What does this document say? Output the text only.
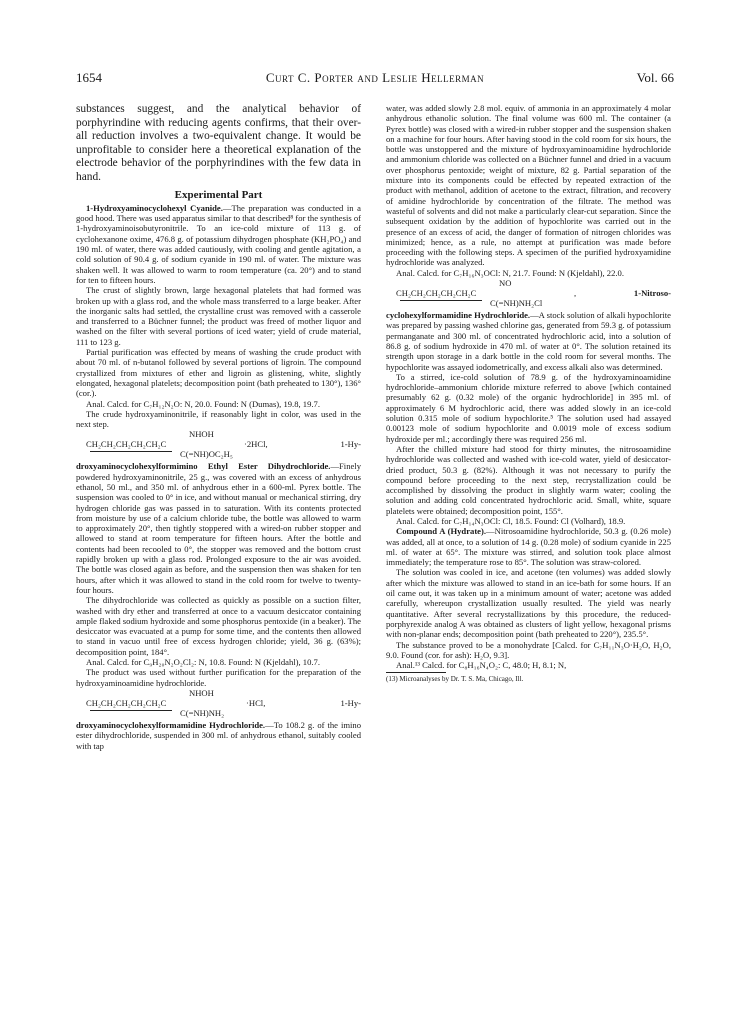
1654	Curt C. Porter and Leslie Hellerman	Vol. 66

substances suggest, and the analytical behavior of porphyrindine with reducing agents confirms, that their over-all reduction involves a two-equivalent change. It would be unprofitable to consider here a theoretical explanation of the electrode behavior of the porphyrindines with the few data in hand.

Experimental Part

1-Hydroxyaminocyclohexyl Cyanide.—The preparation was conducted in a good hood. There was used apparatus similar to that described⁸ for the synthesis of 1-hydroxyaminoisobutyronitrile. To an ice-cold mixture of 113 g. of cyclohexanone oxime, 476.8 g. of potassium dihydrogen phosphate (KH₂PO₄) and 190 ml. of water, there was added cautiously, with cooling and gentle agitation, a cold solution of 90.4 g. of sodium cyanide in 190 ml. of water. The mixture was shaken well. It was allowed to warm to room temperature (ca. 20°) and to stand for ten to fifteen hours.

The crust of slightly brown, large hexagonal platelets that had formed was broken up with a glass rod, and the whole mass transferred to a large beaker. After the inorganic salts had settled, the crystalline crust was removed with a casserole and transferred to a Büchner funnel; the product was freed of mother liquor and washed on the filter with several portions of iced water; yield of crude material, 111 to 123 g.

Partial purification was effected by means of washing the crude product with about 70 ml. of n-butanol followed by several portions of ligroin. The compound crystallized from mixtures of ether and ligroin as glistening, white, slightly elongated, hexagonal platelets; decomposition point (bath preheated to 130°), 136° (cor.).

Anal. Calcd. for C₇H₁₂N₂O: N, 20.0. Found: N (Dumas), 19.8, 19.7.

The crude hydroxyaminonitrile, if reasonably light in color, was used in the next step.

NHOH
CH₂CH₂CH₂CH₂CH₂C	·2HCl,	1-Hy-
C(=NH)OC₂H₅

droxyaminocyclohexylformimino Ethyl Ester Dihydrochloride.—Finely powdered hydroxyaminonitrile, 25 g., was covered with an excess of anhydrous ethanol, 50 ml., and 350 ml. of anhydrous ether in a 600-ml. Pyrex bottle. The suspension was cooled to 0° in ice, and without manual or mechanical stirring, dry hydrogen chloride gas was passed in to saturation. With its contents protected from moisture by use of a calcium chloride tube, the bottle was allowed to warm to approximately 20°, then tightly stoppered with a wired-on rubber stopper and allowed to stand at room temperature for fifteen hours. After the bottle and contents had been recooled to 0°, the stopper was removed and the bottom crust rapidly broken up with a glass rod. Prolonged exposure to the air was avoided. The bottle was closed again as before, and the suspension then was shaken for ten hours, after which it was allowed to stand in the cold room for twelve to twenty-four hours.

The dihydrochloride was collected as quickly as possible on a suction filter, washed with dry ether and transferred at once to a vacuum desiccator containing ample flaked sodium hydroxide and some phosphorus pentoxide (in a beaker). The desiccator was evacuated at a pump for some time, and the contents then allowed to stand in vacuo until free of excess hydrogen chloride; yield, 36 g. (63%); decomposition point, 184°.

Anal. Calcd. for C₉H₂₀N₂O₂Cl₂: N, 10.8. Found: N (Kjeldahl), 10.7.

The product was used without further purification for the preparation of the hydroxyaminoamidine hydrochloride.

NHOH
CH₂CH₂CH₂CH₂CH₂C	·HCl,	1-Hy-
C(=NH)NH₂

droxyaminocyclohexylformamidine Hydrochloride.—To 108.2 g. of the imino ester dihydrochloride, suspended in 300 ml. of anhydrous ethanol, suitably cooled with tap

water, was added slowly 2.8 mol. equiv. of ammonia in an approximately 4 molar anhydrous ethanolic solution. The final volume was 600 ml. The container (a Pyrex bottle) was closed with a wired-in rubber stopper and the suspension shaken on a machine for four hours. After having stood in the cold room for six hours, the bottle was unstoppered and the mixture of hydroxyaminoamidine hydrochloride and ammonium chloride was collected on a Büchner funnel and dried in a vacuum over phosphorus pentoxide; weight of mixture, 82 g. Partial separation of the mixture into its components could be effected by repeated extraction of the product with methanol, addition of acetone to the extract, filtration, and recovery of amidine hydrochloride by concentration of the filtrate. The method was wasteful of solvents and did not make a particularly clear-cut separation. Since the subsequent oxidation by the addition of hypochlorite was carried out in the presence of an excess of acid, the danger of formation of nitrogen chlorides was minimized; hence, as a rule, no attempt at purification was made before proceeding with the following steps. A specimen of the purified hydroxyamidine hydrochloride was analyzed.

Anal. Calcd. for C₇H₁₆N₃OCl: N, 21.7. Found: N (Kjeldahl), 22.0.

NO
CH₂CH₂CH₂CH₂CH₂C	,	1-Nitroso-
C(=NH)NH₂Cl

cyclohexylformamidine Hydrochloride.—A stock solution of alkali hypochlorite was prepared by passing washed chlorine gas, generated from 59.3 g. of potassium permanganate and 300 ml. of concentrated hydrochloric acid, into a solution of 86.8 g. of sodium hydroxide in 470 ml. of water at 0°. The solution retained its strength upon storage in a dark bottle in the cold room for several months. The hypochlorite was assayed iodometrically, and excess alkali also was determined.

To a stirred, ice-cold solution of 78.9 g. of the hydroxyaminoamidine hydrochloride–ammonium chloride mixture referred to above [which contained presumably 62 g. (0.32 mole) of the organic hydrochloride] in 395 ml. of approximately 6 M hydrochloric acid, there was added slowly in an ice-cold solution 0.315 mole of sodium hypochlorite.⁵ The solution used had assayed 0.00123 mole of sodium hypochlorite and 0.0019 mole of excess sodium hydroxide per ml.; accordingly there was required 256 ml.

After the chilled mixture had stood for thirty minutes, the nitrosoamidine hydrochloride was collected and washed with ice-cold water, yield of desiccator-dried product, 50.3 g. (82%). Although it was not necessary to purify the compound before proceeding to the next step, recrystallization could be accomplished by dissolving the product in slightly warm water; cooling the solution and adding cold concentrated hydrochloric acid. Small, white, square platelets were obtained; decomposition point, 155°.

Anal. Calcd. for C₇H₁₄N₃OCl: Cl, 18.5. Found: Cl (Volhard), 18.9.

Compound A (Hydrate).—Nitrosoamidine hydrochloride, 50.3 g. (0.26 mole) was added, all at once, to a solution of 14 g. (0.28 mole) of sodium cyanide in 225 ml. of water at 65°. The mixture was stirred, and solution took place almost immediately; the temperature rose to 85°. The solution was straw-colored.

The solution was cooled in ice, and acetone (ten volumes) was added slowly after which the mixture was allowed to stand in an ice-bath for some hours. If an oil came out, it was taken up in a minimum amount of water; acetone was added carefully, whereupon crystallization usually resulted. The yield was nearly quantitative. After several recrystallizations by this procedure, the reduced-porphyrexide analog A was obtained as clusters of light yellow, hexagonal prisms with non-planar ends; decomposition point (bath preheated to 220°), 235.5°.

The substance proved to be a monohydrate [Calcd. for C₇H₁₁N₃O·H₂O, H₂O, 9.0. Found (cor. for ash): H₂O, 9.3].

Anal.¹³ Calcd. for C₈H₁₆N₄O₂: C, 48.0; H, 8.1; N,

(13) Microanalyses by Dr. T. S. Ma, Chicago, Ill.
